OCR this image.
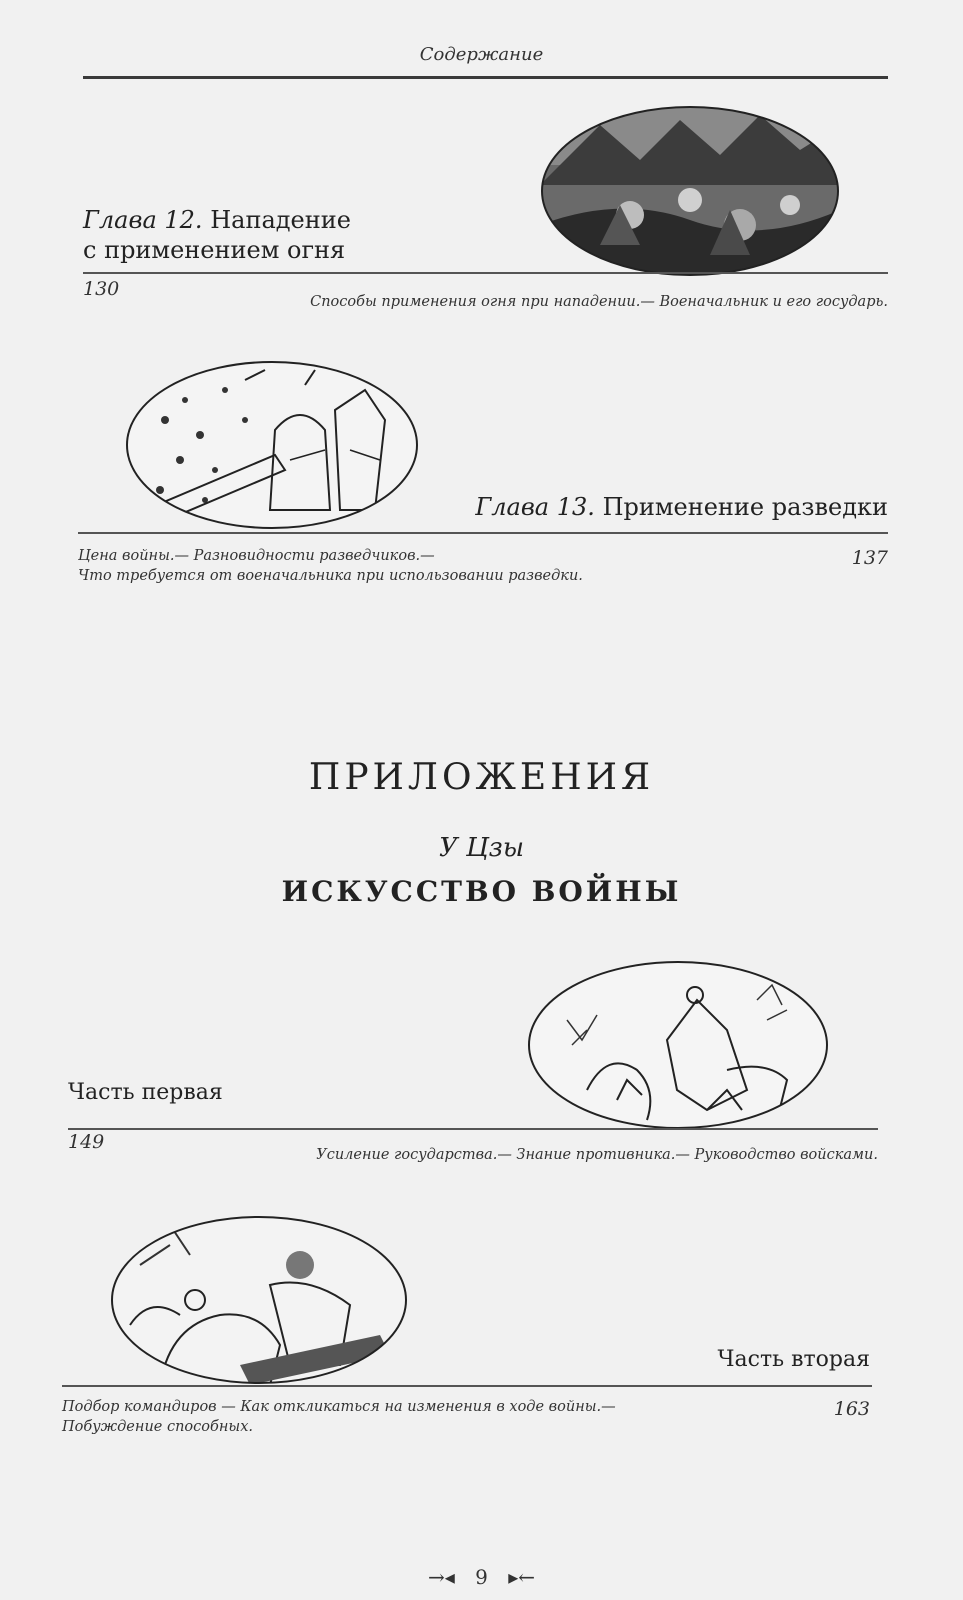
Содержание
Глава 12. Нападение
с применением огня
130
Способы применения огня при нападении.— Военачальник и его государь.
Глава 13. Применение разведки
Цена войны.— Разновидности разведчиков.—
Что требуется от военачальника при использовании разведки.
137
ПРИЛОЖЕНИЯ
У Цзы
ИСКУССТВО ВОЙНЫ
Часть первая
149
Усиление государства.— Знание противника.— Руководство войсками.
Часть вторая
Подбор командиров — Как откликаться на изменения в ходе войны.—
Побуждение способных.
163
→◂ 9 ▸←
